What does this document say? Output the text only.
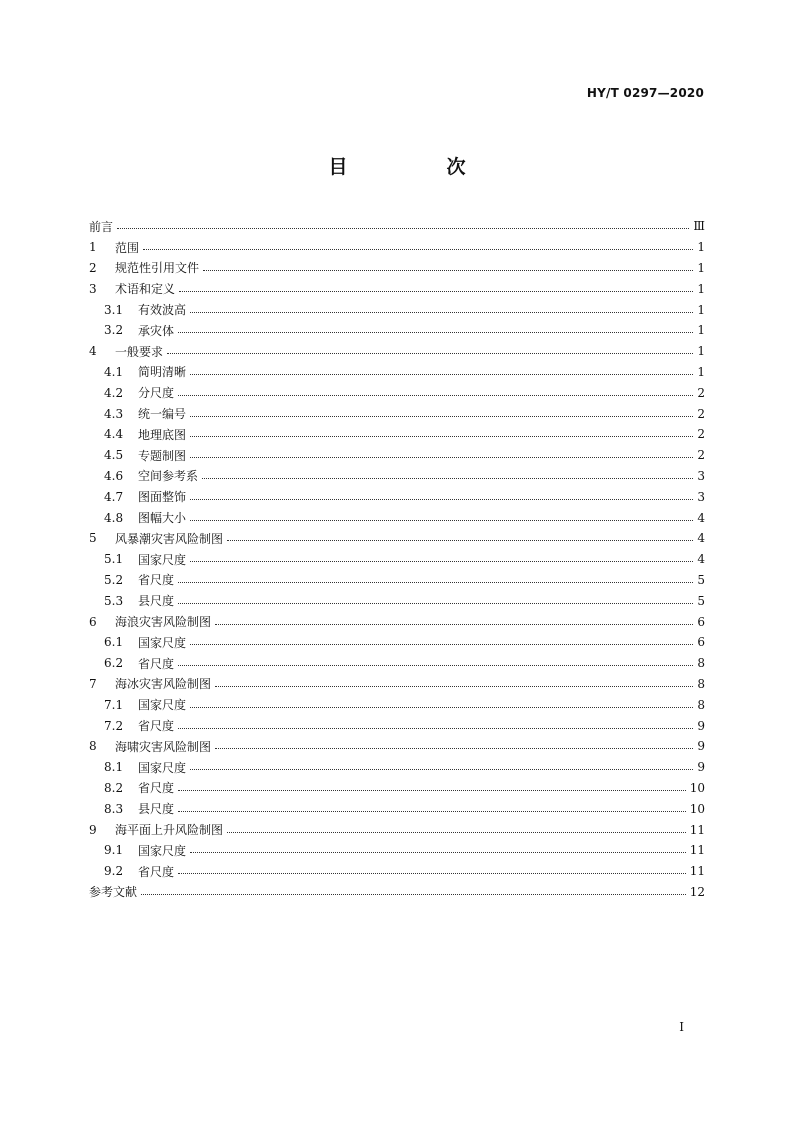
HY/T 0297—2020
目　次
前言	Ⅲ
1	范围	1
2	规范性引用文件	1
3	术语和定义	1
3.1	有效波高	1
3.2	承灾体	1
4	一般要求	1
4.1	简明清晰	1
4.2	分尺度	2
4.3	统一编号	2
4.4	地理底图	2
4.5	专题制图	2
4.6	空间参考系	3
4.7	图面整饰	3
4.8	图幅大小	4
5	风暴潮灾害风险制图	4
5.1	国家尺度	4
5.2	省尺度	5
5.3	县尺度	5
6	海浪灾害风险制图	6
6.1	国家尺度	6
6.2	省尺度	8
7	海冰灾害风险制图	8
7.1	国家尺度	8
7.2	省尺度	9
8	海啸灾害风险制图	9
8.1	国家尺度	9
8.2	省尺度	10
8.3	县尺度	10
9	海平面上升风险制图	11
9.1	国家尺度	11
9.2	省尺度	11
参考文献	12
Ⅰ
